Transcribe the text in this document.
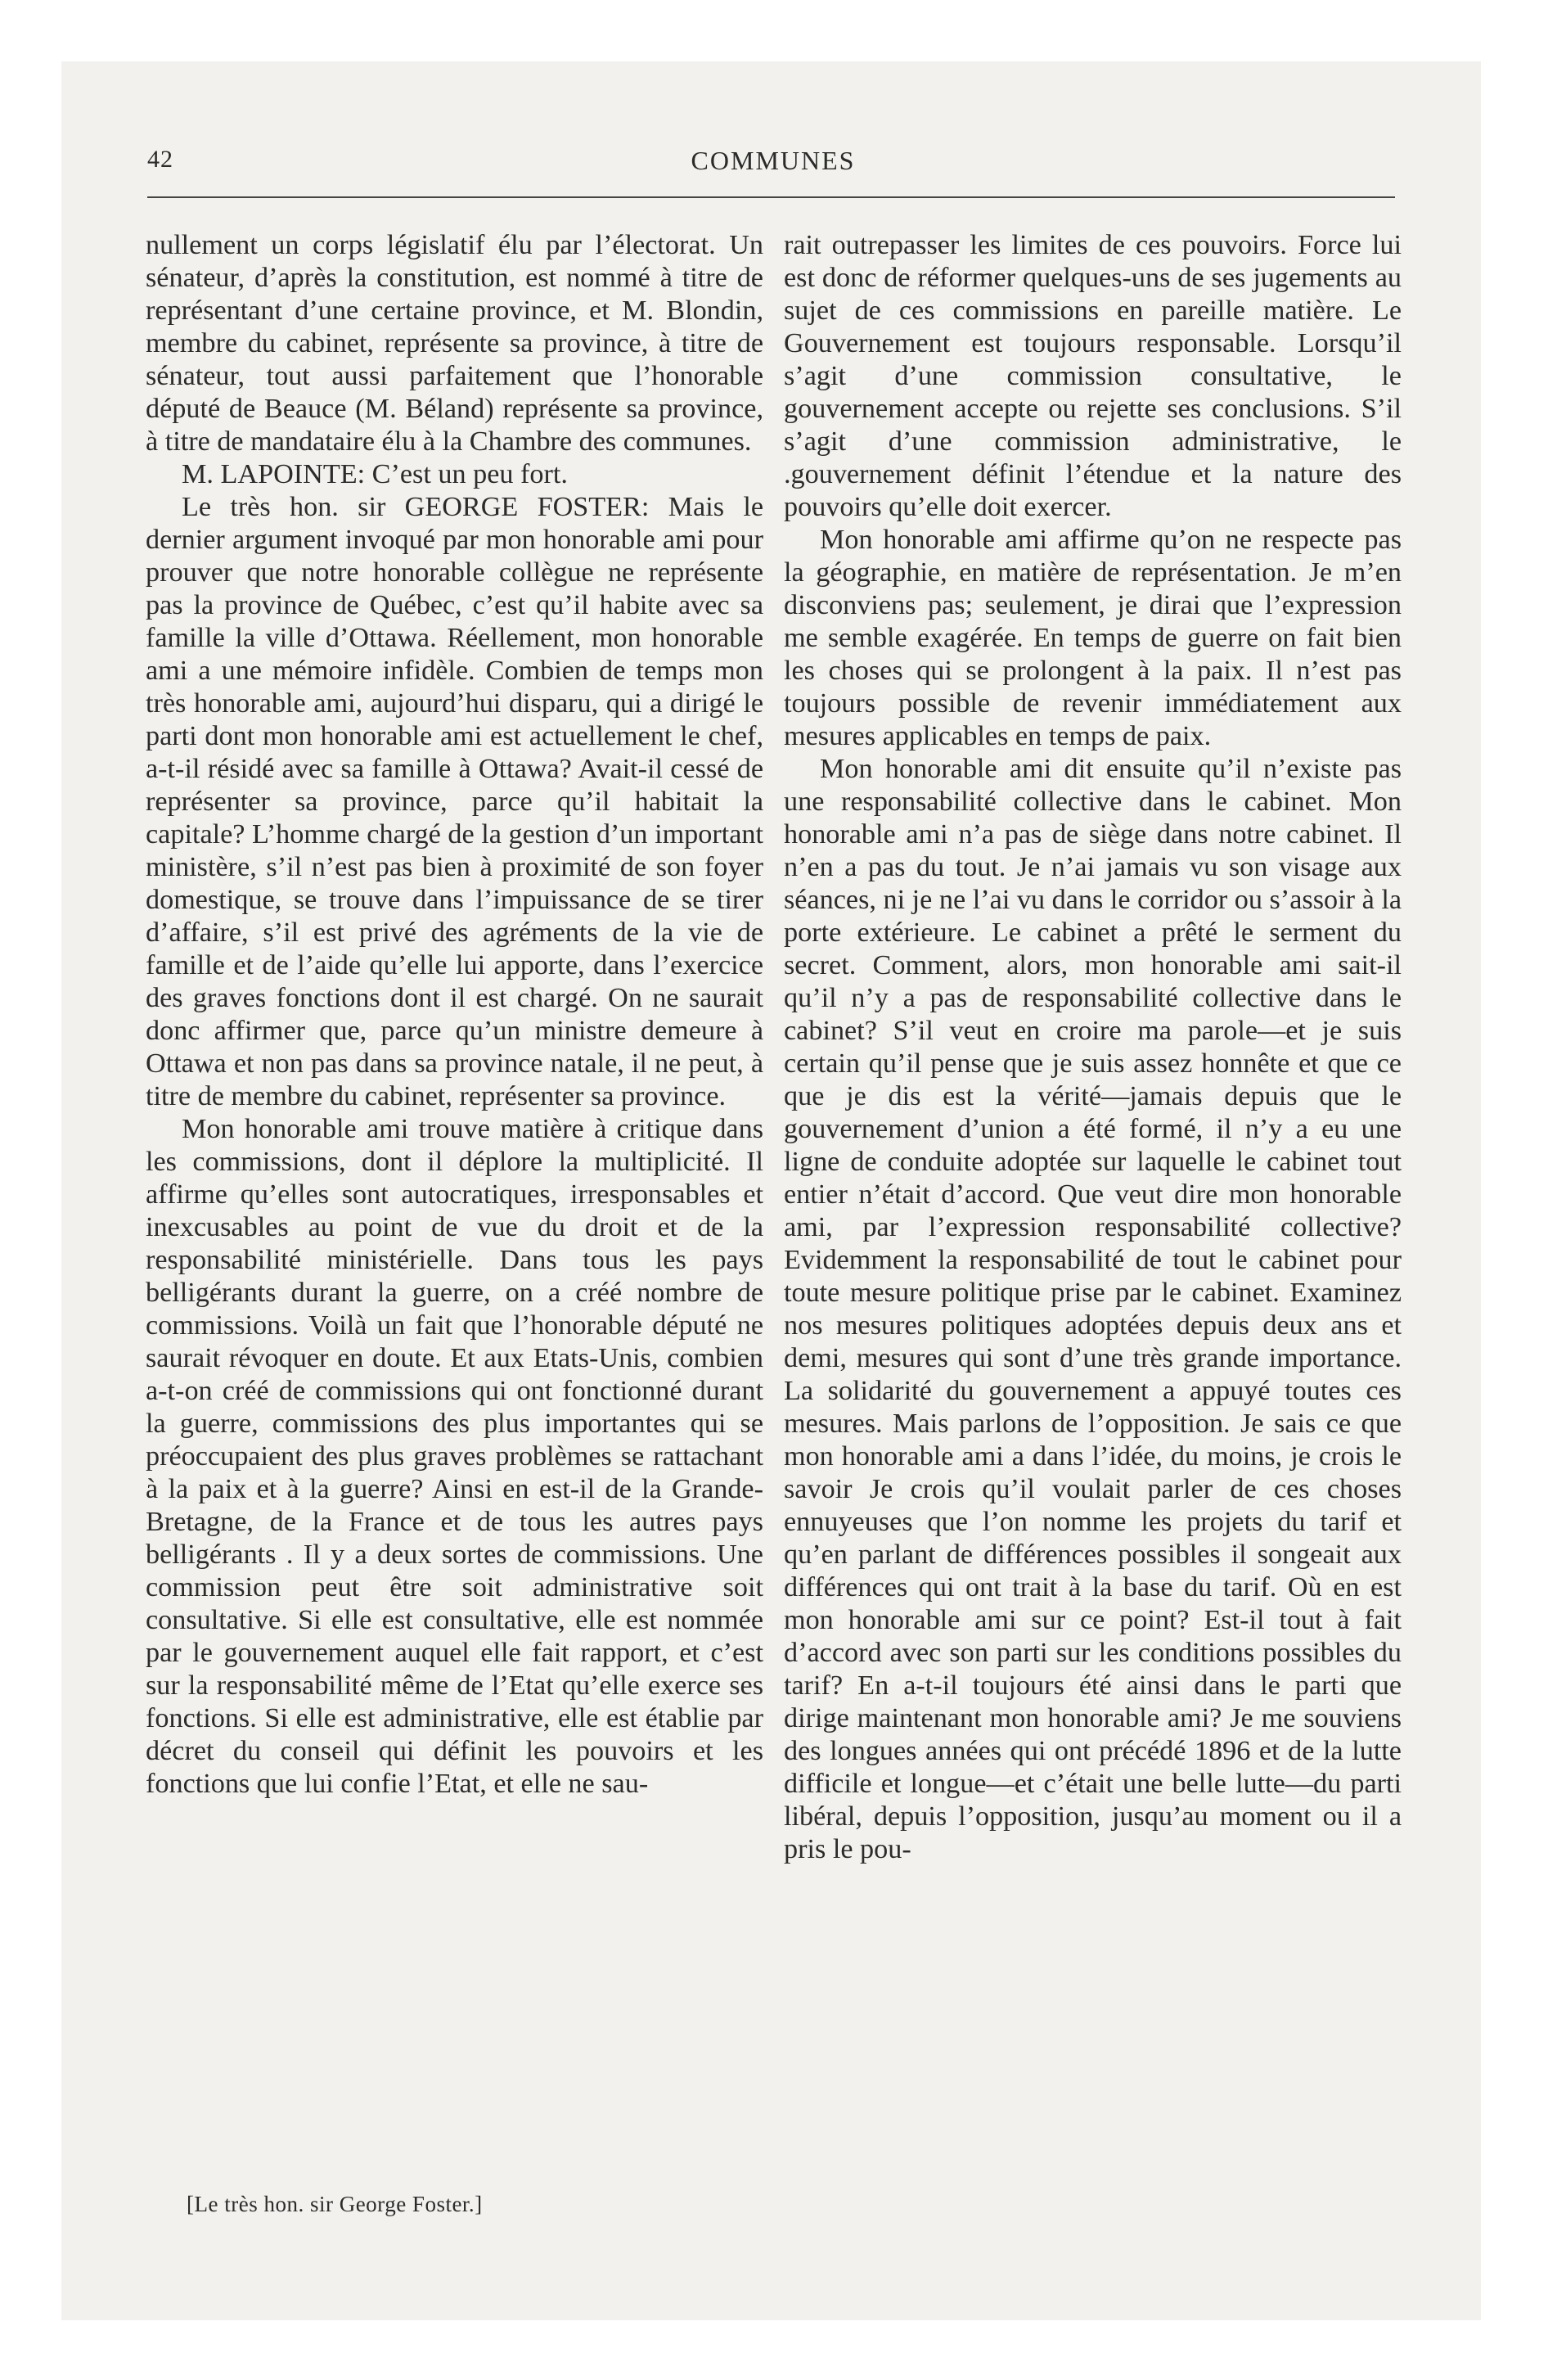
COMMUNES
42

nullement un corps législatif élu par l’électorat. Un sénateur, d’après la constitution, est nommé à titre de représentant d’une certaine province, et M. Blondin, membre du cabinet, représente sa province, à titre de sénateur, tout aussi parfaitement que l’honorable député de Beauce (M. Béland) représente sa province, à titre de mandataire élu à la Chambre des communes.

M. LAPOINTE: C’est un peu fort.

Le très hon. sir GEORGE FOSTER: Mais le dernier argument invoqué par mon honorable ami pour prouver que notre honorable collègue ne représente pas la province de Québec, c’est qu’il habite avec sa famille la ville d’Ottawa. Réellement, mon honorable ami a une mémoire infidèle. Combien de temps mon très honorable ami, aujourd’hui disparu, qui a dirigé le parti dont mon honorable ami est actuellement le chef, a-t-il résidé avec sa famille à Ottawa? Avait-il cessé de représenter sa province, parce qu’il habitait la capitale? L’homme chargé de la gestion d’un important ministère, s’il n’est pas bien à proximité de son foyer domestique, se trouve dans l’impuissance de se tirer d’affaire, s’il est privé des agréments de la vie de famille et de l’aide qu’elle lui apporte, dans l’exercice des graves fonctions dont il est chargé. On ne saurait donc affirmer que, parce qu’un ministre demeure à Ottawa et non pas dans sa province natale, il ne peut, à titre de membre du cabinet, représenter sa province.

Mon honorable ami trouve matière à critique dans les commissions, dont il déplore la multiplicité. Il affirme qu’elles sont autocratiques, irresponsables et inexcusables au point de vue du droit et de la responsabilité ministérielle. Dans tous les pays belligérants durant la guerre, on a créé nombre de commissions. Voilà un fait que l’honorable député ne saurait révoquer en doute. Et aux Etats-Unis, combien a-t-on créé de commissions qui ont fonctionné durant la guerre, commissions des plus importantes qui se préoccupaient des plus graves problèmes se rattachant à la paix et à la guerre? Ainsi en est-il de la Grande-Bretagne, de la France et de tous les autres pays belligérants . Il y a deux sortes de commissions. Une commission peut être soit administrative soit consultative. Si elle est consultative, elle est nommée par le gouvernement auquel elle fait rapport, et c’est sur la responsabilité même de l’Etat qu’elle exerce ses fonctions. Si elle est administrative, elle est établie par décret du conseil qui définit les pouvoirs et les fonctions que lui confie l’Etat, et elle ne sau-

rait outrepasser les limites de ces pouvoirs. Force lui est donc de réformer quelques-uns de ses jugements au sujet de ces commissions en pareille matière. Le Gouvernement est toujours responsable. Lorsqu’il s’agit d’une commission consultative, le gouvernement accepte ou rejette ses conclusions. S’il s’agit d’une commission administrative, le .gouvernement définit l’étendue et la nature des pouvoirs qu’elle doit exercer.

Mon honorable ami affirme qu’on ne respecte pas la géographie, en matière de représentation. Je m’en disconviens pas; seulement, je dirai que l’expression me semble exagérée. En temps de guerre on fait bien les choses qui se prolongent à la paix. Il n’est pas toujours possible de revenir immédiatement aux mesures applicables en temps de paix.

Mon honorable ami dit ensuite qu’il n’existe pas une responsabilité collective dans le cabinet. Mon honorable ami n’a pas de siège dans notre cabinet. Il n’en a pas du tout. Je n’ai jamais vu son visage aux séances, ni je ne l’ai vu dans le corridor ou s’assoir à la porte extérieure. Le cabinet a prêté le serment du secret. Comment, alors, mon honorable ami sait-il qu’il n’y a pas de responsabilité collective dans le cabinet? S’il veut en croire ma parole—et je suis certain qu’il pense que je suis assez honnête et que ce que je dis est la vérité—jamais depuis que le gouvernement d’union a été formé, il n’y a eu une ligne de conduite adoptée sur laquelle le cabinet tout entier n’était d’accord. Que veut dire mon honorable ami, par l’expression responsabilité collective? Evidemment la responsabilité de tout le cabinet pour toute mesure politique prise par le cabinet. Examinez nos mesures politiques adoptées depuis deux ans et demi, mesures qui sont d’une très grande importance. La solidarité du gouvernement a appuyé toutes ces mesures. Mais parlons de l’opposition. Je sais ce que mon honorable ami a dans l’idée, du moins, je crois le savoir Je crois qu’il voulait parler de ces choses ennuyeuses que l’on nomme les projets du tarif et qu’en parlant de différences possibles il songeait aux différences qui ont trait à la base du tarif. Où en est mon honorable ami sur ce point? Est-il tout à fait d’accord avec son parti sur les conditions possibles du tarif? En a-t-il toujours été ainsi dans le parti que dirige maintenant mon honorable ami? Je me souviens des longues années qui ont précédé 1896 et de la lutte difficile et longue—et c’était une belle lutte—du parti libéral, depuis l’opposition, jusqu’au moment ou il a pris le pou-

[Le très hon. sir George Foster.]
